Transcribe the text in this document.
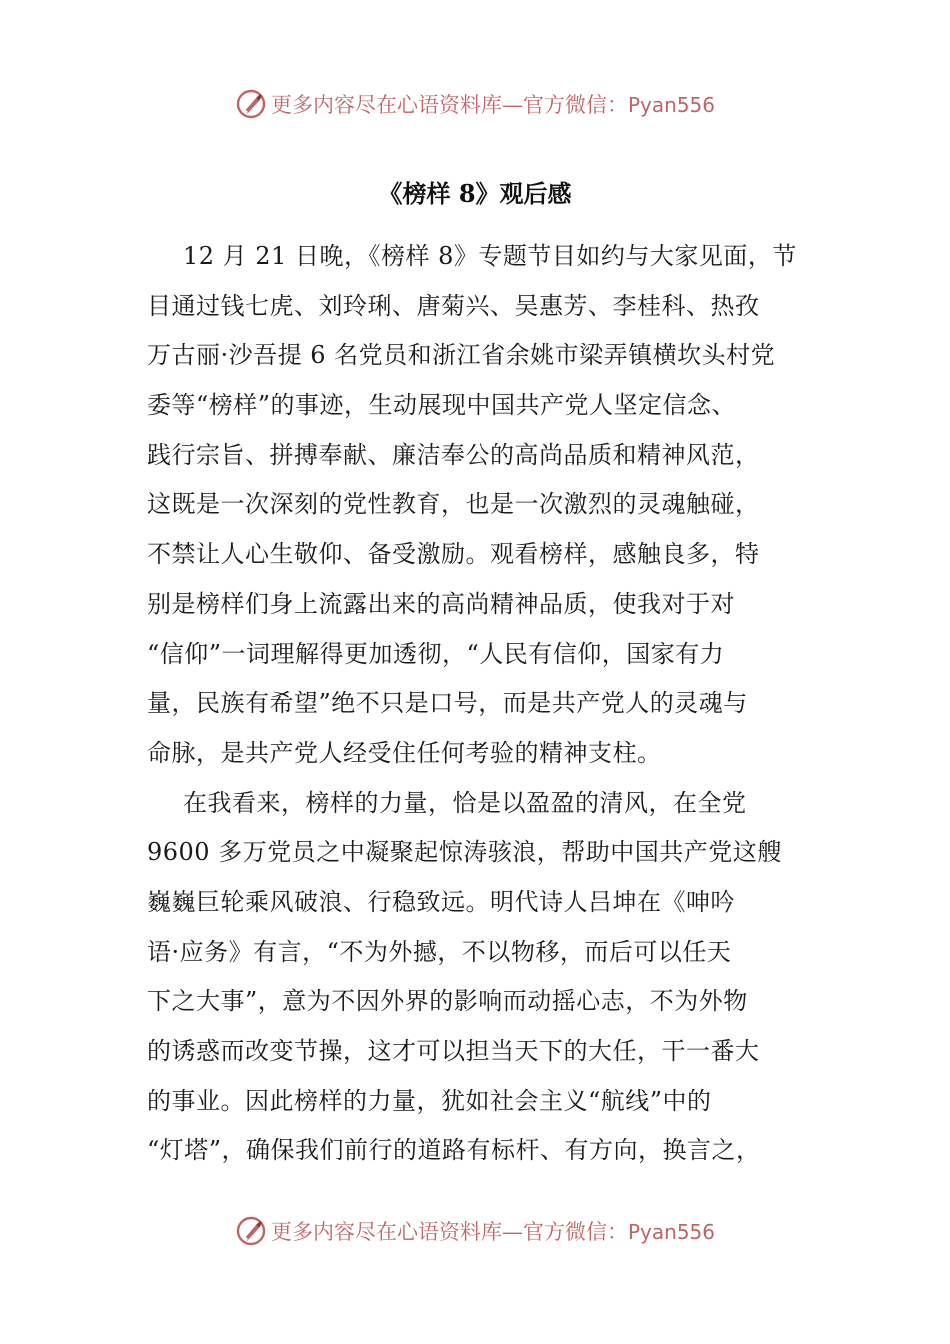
更多内容尽在心语资料库—官方微信：Pyan556
《榜样 8》观后感
12 月 21 日晚，《榜样 8》专题节目如约与大家见面，节
目通过钱七虎、刘玲琍、唐菊兴、吴惠芳、李桂科、热孜
万古丽·沙吾提 6 名党员和浙江省余姚市梁弄镇横坎头村党
委等“榜样”的事迹，生动展现中国共产党人坚定信念、
践行宗旨、拼搏奉献、廉洁奉公的高尚品质和精神风范，
这既是一次深刻的党性教育，也是一次激烈的灵魂触碰，
不禁让人心生敬仰、备受激励。观看榜样，感触良多，特
别是榜样们身上流露出来的高尚精神品质，使我对于对
“信仰”一词理解得更加透彻，“人民有信仰，国家有力
量，民族有希望”绝不只是口号，而是共产党人的灵魂与
命脉，是共产党人经受住任何考验的精神支柱。
在我看来，榜样的力量，恰是以盈盈的清风，在全党
9600 多万党员之中凝聚起惊涛骇浪，帮助中国共产党这艘
巍巍巨轮乘风破浪、行稳致远。明代诗人吕坤在《呻吟
语·应务》有言，“不为外撼，不以物移，而后可以任天
下之大事”，意为不因外界的影响而动摇心志，不为外物
的诱惑而改变节操，这才可以担当天下的大任，干一番大
的事业。因此榜样的力量，犹如社会主义“航线”中的
“灯塔”，确保我们前行的道路有标杆、有方向，换言之，
更多内容尽在心语资料库—官方微信：Pyan556
